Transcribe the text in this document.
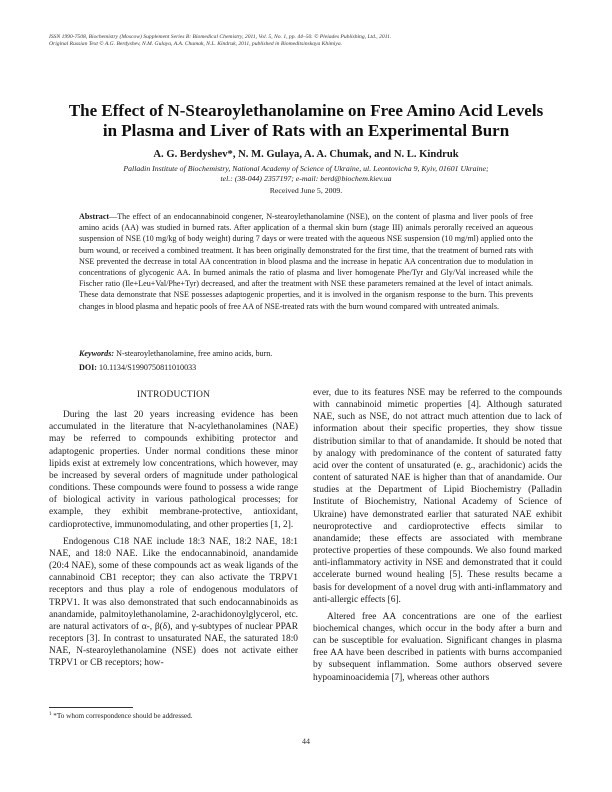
ISSN 1990-7508, Biochemistry (Moscow) Supplement Series B: Biomedical Chemistry, 2011, Vol. 5, No. 1, pp. 44–50. © Pleiades Publishing, Ltd., 2011.
Original Russian Text © A.G. Berdyshev, N.M. Gulaya, A.A. Chumak, N.L. Kindruk, 2011, published in Biomeditsinskaya Khimiya.
The Effect of N-Stearoylethanolamine on Free Amino Acid Levels
in Plasma and Liver of Rats with an Experimental Burn
A. G. Berdyshev*, N. M. Gulaya, A. A. Chumak, and N. L. Kindruk
Palladin Institute of Biochemistry, National Academy of Science of Ukraine, ul. Leontovicha 9, Kyiv, 01601 Ukraine;
tel.: (38-044) 2357197; e-mail: berd@biochem.kiev.ua
Received June 5, 2009.
Abstract—The effect of an endocannabinoid congener, N-stearoylethanolamine (NSE), on the content of plasma and liver pools of free amino acids (AA) was studied in burned rats. After application of a thermal skin burn (stage III) animals perorally received an aqueous suspension of NSE (10 mg/kg of body weight) during 7 days or were treated with the aqueous NSE suspension (10 mg/ml) applied onto the burn wound, or received a combined treatment. It has been originally demonstrated for the first time, that the treatment of burned rats with NSE prevented the decrease in total AA concentration in blood plasma and the increase in hepatic AA concentration due to modulation in concentrations of glycogenic AA. In burned animals the ratio of plasma and liver homogenate Phe/Tyr and Gly/Val increased while the Fischer ratio (Ile+Leu+Val/Phe+Tyr) decreased, and after the treatment with NSE these parameters remained at the level of intact animals. These data demonstrate that NSE possesses adaptogenic properties, and it is involved in the organism response to the burn. This prevents changes in blood plasma and hepatic pools of free AA of NSE-treated rats with the burn wound compared with untreated animals.
Keywords: N-stearoylethanolamine, free amino acids, burn.
DOI: 10.1134/S1990750811010033
INTRODUCTION

During the last 20 years increasing evidence has been accumulated in the literature that N-acylethanolamines (NAE) may be referred to compounds exhibiting protector and adaptogenic properties. Under normal conditions these minor lipids exist at extremely low concentrations, which however, may be increased by several orders of magnitude under pathological conditions. These compounds were found to possess a wide range of biological activity in various pathological processes; for example, they exhibit membrane-protective, antioxidant, cardioprotective, immunomodulating, and other properties [1, 2].

Endogenous C18 NAE include 18:3 NAE, 18:2 NAE, 18:1 NAE, and 18:0 NAE. Like the endocannabinoid, anandamide (20:4 NAE), some of these compounds act as weak ligands of the cannabinoid CB1 receptor; they can also activate the TRPV1 receptors and thus play a role of endogenous modulators of TRPV1. It was also demonstrated that such endocannabinoids as anandamide, palmitoylethanolamine, 2-arachidonoylglycerol, etc. are natural activators of α-, β(δ), and γ-subtypes of nuclear PPAR receptors [3]. In contrast to unsaturated NAE, the saturated 18:0 NAE, N-stearoylethanolamine (NSE) does not activate either TRPV1 or CB receptors; how-

ever, due to its features NSE may be referred to the compounds with cannabinoid mimetic properties [4]. Although saturated NAE, such as NSE, do not attract much attention due to lack of information about their specific properties, they show tissue distribution similar to that of anandamide. It should be noted that by analogy with predominance of the content of saturated fatty acid over the content of unsaturated (e. g., arachidonic) acids the content of saturated NAE is higher than that of anandamide. Our studies at the Department of Lipid Biochemistry (Palladin Institute of Biochemistry, National Academy of Science of Ukraine) have demonstrated earlier that saturated NAE exhibit neuroprotective and cardioprotective effects similar to anandamide; these effects are associated with membrane protective properties of these compounds. We also found marked anti-inflammatory activity in NSE and demonstrated that it could accelerate burned wound healing [5]. These results became a basis for development of a novel drug with anti-inflammatory and anti-allergic effects [6].

Altered free AA concentrations are one of the earliest biochemical changes, which occur in the body after a burn and can be susceptible for evaluation. Significant changes in plasma free AA have been described in patients with burns accompanied by subsequent inflammation. Some authors observed severe hypoaminoacidemia [7], whereas other authors

$^1$ *To whom correspondence should be addressed.
44
